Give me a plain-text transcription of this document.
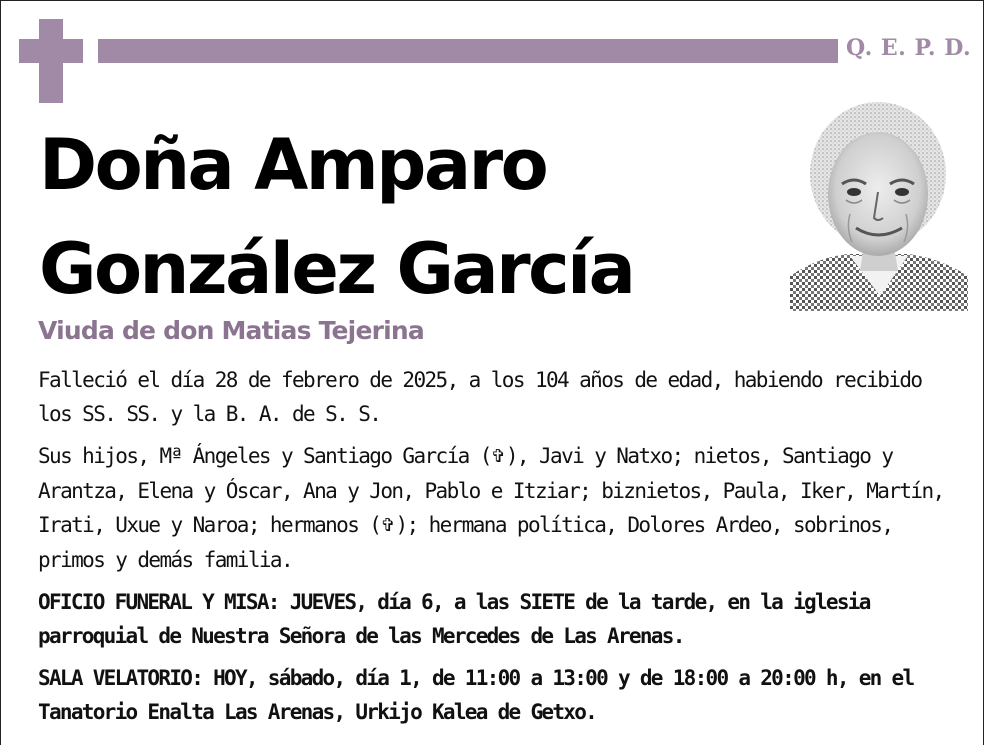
Q. E. P. D.
Doña Amparo
González García
Viuda de don Matias Tejerina

Falleció el día 28 de febrero de 2025, a los 104 años de edad, habiendo recibido los SS. SS. y la B. A. de S. S.

Sus hijos, Mª Ángeles y Santiago García (✞), Javi y Natxo; nietos, Santiago y Arantza, Elena y Óscar, Ana y Jon, Pablo e Itziar; biznietos, Paula, Iker, Martín, Irati, Uxue y Naroa; hermanos (✞); hermana política, Dolores Ardeo, sobrinos, primos y demás familia.

OFICIO FUNERAL Y MISA: JUEVES, día 6, a las SIETE de la tarde, en la iglesia parroquial de Nuestra Señora de las Mercedes de Las Arenas.

SALA VELATORIO: HOY, sábado, día 1, de 11:00 a 13:00 y de 18:00 a 20:00 h, en el Tanatorio Enalta Las Arenas, Urkijo Kalea de Getxo.
